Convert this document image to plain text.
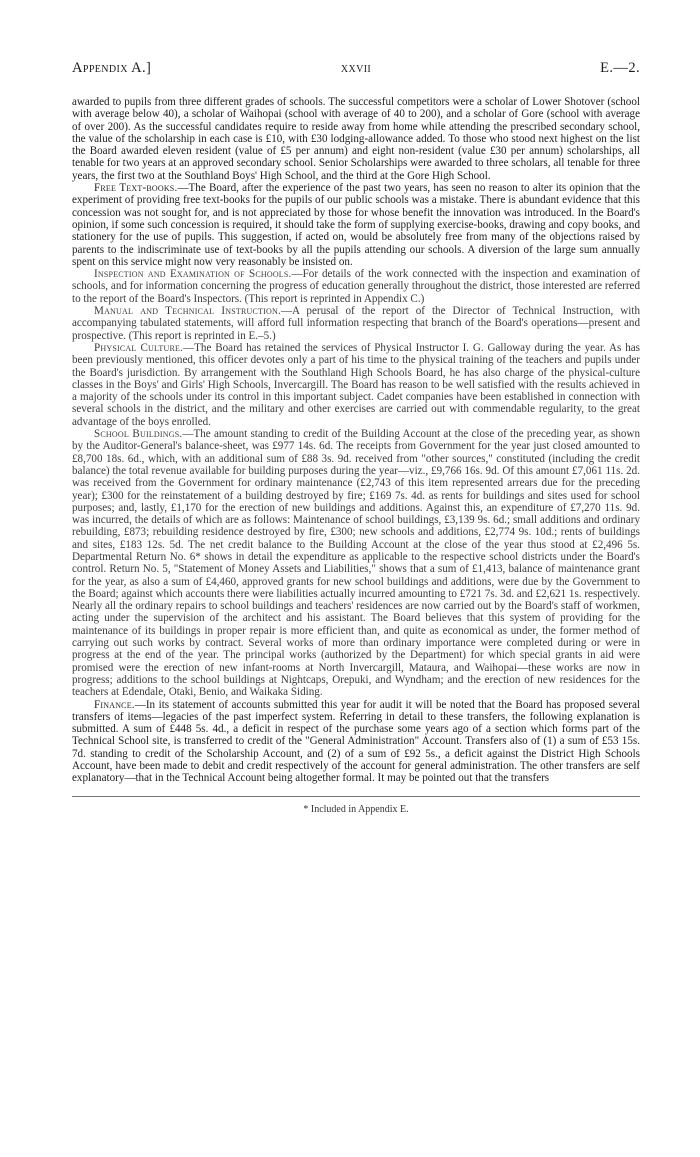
Appendix A.]	xxvii	E.—2.

awarded to pupils from three different grades of schools. The successful competitors were a scholar of Lower Shotover (school with average below 40), a scholar of Waihopai (school with average of 40 to 200), and a scholar of Gore (school with average of over 200). As the successful candidates require to reside away from home while attending the prescribed secondary school, the value of the scholarship in each case is £10, with £30 lodging-allowance added. To those who stood next highest on the list the Board awarded eleven resident (value of £5 per annum) and eight non-resident (value £30 per annum) scholarships, all tenable for two years at an approved secondary school. Senior Scholarships were awarded to three scholars, all tenable for three years, the first two at the Southland Boys' High School, and the third at the Gore High School.

Free Text-books.—The Board, after the experience of the past two years, has seen no reason to alter its opinion that the experiment of providing free text-books for the pupils of our public schools was a mistake. There is abundant evidence that this concession was not sought for, and is not appreciated by those for whose benefit the innovation was introduced. In the Board's opinion, if some such concession is required, it should take the form of supplying exercise-books, drawing and copy books, and stationery for the use of pupils. This suggestion, if acted on, would be absolutely free from many of the objections raised by parents to the indiscriminate use of text-books by all the pupils attending our schools. A diversion of the large sum annually spent on this service might now very reasonably be insisted on.

Inspection and Examination of Schools.—For details of the work connected with the inspection and examination of schools, and for information concerning the progress of education generally throughout the district, those interested are referred to the report of the Board's Inspectors. (This report is reprinted in Appendix C.)

Manual and Technical Instruction.—A perusal of the report of the Director of Technical Instruction, with accompanying tabulated statements, will afford full information respecting that branch of the Board's operations—present and prospective. (This report is reprinted in E.–5.)

Physical Culture.—The Board has retained the services of Physical Instructor I. G. Galloway during the year. As has been previously mentioned, this officer devotes only a part of his time to the physical training of the teachers and pupils under the Board's jurisdiction. By arrangement with the Southland High Schools Board, he has also charge of the physical-culture classes in the Boys' and Girls' High Schools, Invercargill. The Board has reason to be well satisfied with the results achieved in a majority of the schools under its control in this important subject. Cadet companies have been established in connection with several schools in the district, and the military and other exercises are carried out with commendable regularity, to the great advantage of the boys enrolled.

School Buildings.—The amount standing to credit of the Building Account at the close of the preceding year, as shown by the Auditor-General's balance-sheet, was £977 14s. 6d. The receipts from Government for the year just closed amounted to £8,700 18s. 6d., which, with an additional sum of £88 3s. 9d. received from "other sources," constituted (including the credit balance) the total revenue available for building purposes during the year—viz., £9,766 16s. 9d. Of this amount £7,061 11s. 2d. was received from the Government for ordinary maintenance (£2,743 of this item represented arrears due for the preceding year); £300 for the reinstatement of a building destroyed by fire; £169 7s. 4d. as rents for buildings and sites used for school purposes; and, lastly, £1,170 for the erection of new buildings and additions. Against this, an expenditure of £7,270 11s. 9d. was incurred, the details of which are as follows: Maintenance of school buildings, £3,139 9s. 6d.; small additions and ordinary rebuilding, £873; rebuilding residence destroyed by fire, £300; new schools and additions, £2,774 9s. 10d.; rents of buildings and sites, £183 12s. 5d. The net credit balance to the Building Account at the close of the year thus stood at £2,496 5s. Departmental Return No. 6* shows in detail the expenditure as applicable to the respective school districts under the Board's control. Return No. 5, "Statement of Money Assets and Liabilities," shows that a sum of £1,413, balance of maintenance grant for the year, as also a sum of £4,460, approved grants for new school buildings and additions, were due by the Government to the Board; against which accounts there were liabilities actually incurred amounting to £721 7s. 3d. and £2,621 1s. respectively. Nearly all the ordinary repairs to school buildings and teachers' residences are now carried out by the Board's staff of workmen, acting under the supervision of the architect and his assistant. The Board believes that this system of providing for the maintenance of its buildings in proper repair is more efficient than, and quite as economical as under, the former method of carrying out such works by contract. Several works of more than ordinary importance were completed during or were in progress at the end of the year. The principal works (authorized by the Department) for which special grants in aid were promised were the erection of new infant-rooms at North Invercargill, Mataura, and Waihopai—these works are now in progress; additions to the school buildings at Nightcaps, Orepuki, and Wyndham; and the erection of new residences for the teachers at Edendale, Otaki, Benio, and Waikaka Siding.

Finance.—In its statement of accounts submitted this year for audit it will be noted that the Board has proposed several transfers of items—legacies of the past imperfect system. Referring in detail to these transfers, the following explanation is submitted. A sum of £448 5s. 4d., a deficit in respect of the purchase some years ago of a section which forms part of the Technical School site, is transferred to credit of the "General Administration" Account. Transfers also of (1) a sum of £53 15s. 7d. standing to credit of the Scholarship Account, and (2) of a sum of £92 5s., a deficit against the District High Schools Account, have been made to debit and credit respectively of the account for general administration. The other transfers are self explanatory—that in the Technical Account being altogether formal. It may be pointed out that the transfers

* Included in Appendix E.
